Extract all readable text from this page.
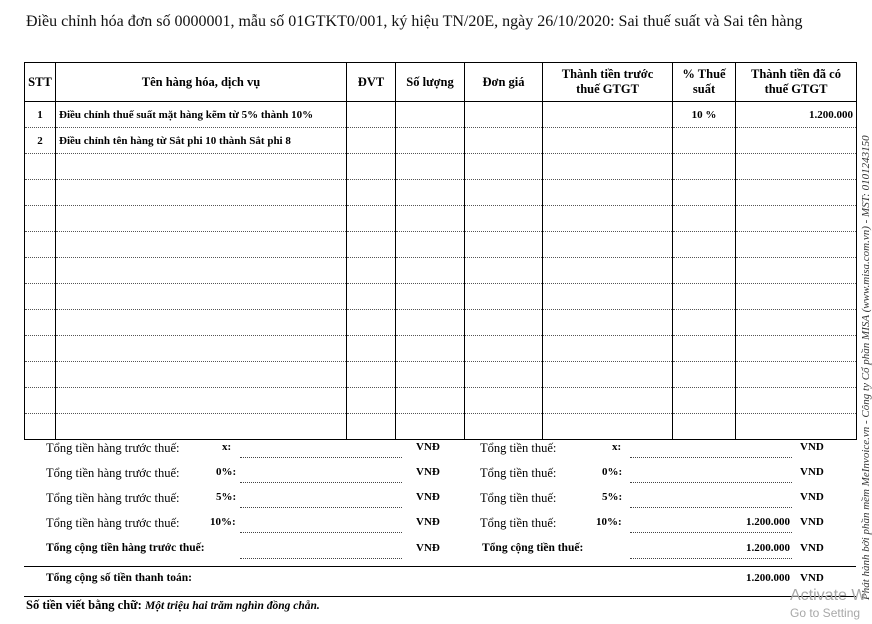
Điều chỉnh hóa đơn số 0000001, mẫu số 01GTKT0/001, ký hiệu TN/20E, ngày 26/10/2020: Sai thuế suất và Sai tên hàng
STT	Tên hàng hóa, dịch vụ	ĐVT	Số lượng	Đơn giá	Thành tiền trước
thuế GTGT	% Thuế
suất	Thành tiền đã có
thuế GTGT
1	Điều chỉnh thuế suất mặt hàng kẽm từ 5% thành 10%					10 %	1.200.000
2	Điều chỉnh tên hàng từ Sắt phi 10 thành Sắt phi 8						

Tổng tiền hàng trước thuế:	x:	VNĐ	Tổng tiền thuế:	x:	VND
Tổng tiền hàng trước thuế:	0%:	VNĐ	Tổng tiền thuế:	0%:	VND
Tổng tiền hàng trước thuế:	5%:	VNĐ	Tổng tiền thuế:	5%:	VND
Tổng tiền hàng trước thuế:	10%:	VNĐ	Tổng tiền thuế:	10%:	1.200.000 VND
Tổng cộng tiền hàng trước thuế:	VNĐ	Tổng cộng tiền thuế:	1.200.000 VND
Tổng cộng số tiền thanh toán:	1.200.000 VND
Số tiền viết bằng chữ: Một triệu hai trăm nghìn đồng chẵn.
Phát hành bởi phần mềm MeInvoice.vn - Công ty Cổ phần MISA (www.misa.com.vn) - MST: 0101243150
Activate W
Go to Setting
